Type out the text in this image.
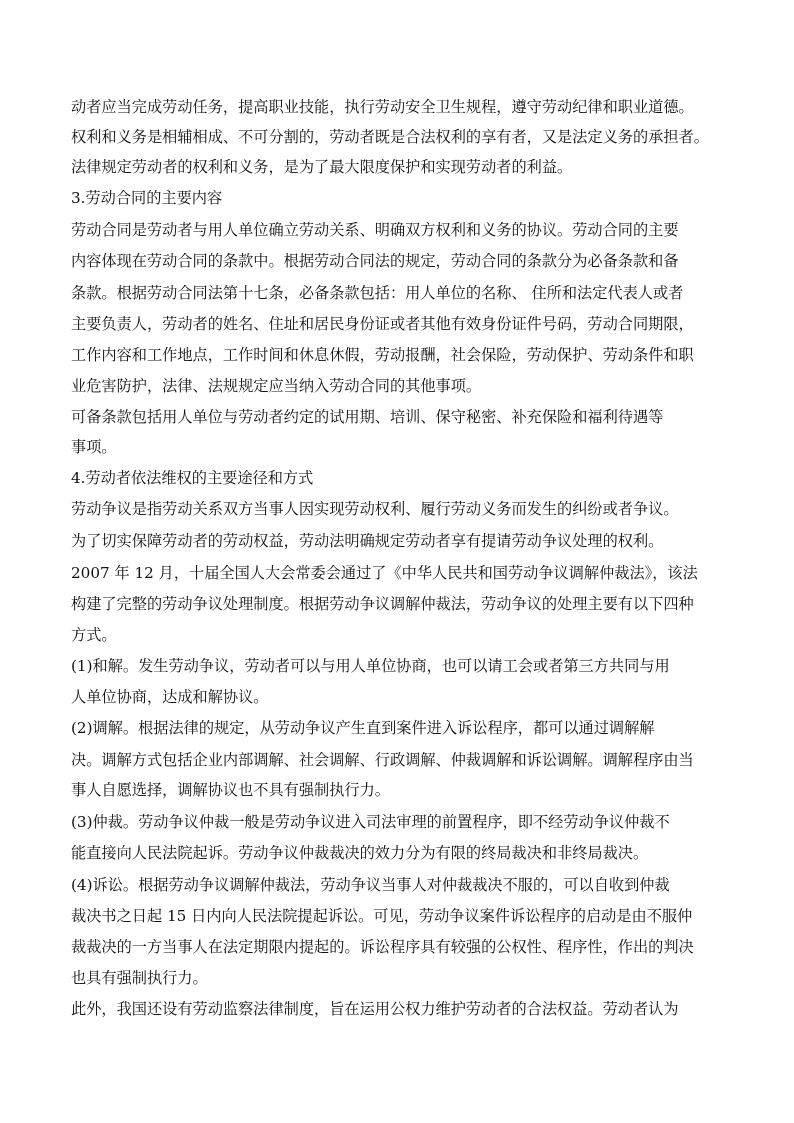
动者应当完成劳动任务，提高职业技能，执行劳动安全卫生规程，遵守劳动纪律和职业道德。
权利和义务是相辅相成、不可分割的，劳动者既是合法权利的享有者，又是法定义务的承担者。
法律规定劳动者的权利和义务，是为了最大限度保护和实现劳动者的利益。
3.劳动合同的主要内容
劳动合同是劳动者与用人单位确立劳动关系、明确双方权利和义务的协议。劳动合同的主要
内容体现在劳动合同的条款中。根据劳动合同法的规定，劳动合同的条款分为必备条款和备
条款。根据劳动合同法第十七条，必备条款包括：用人单位的名称、 住所和法定代表人或者
主要负责人，劳动者的姓名、住址和居民身份证或者其他有效身份证件号码，劳动合同期限，
工作内容和工作地点，工作时间和休息休假，劳动报酬，社会保险，劳动保护、劳动条件和职
业危害防护，法律、法规规定应当纳入劳动合同的其他事项。
可备条款包括用人单位与劳动者约定的试用期、培训、保守秘密、补充保险和福利待遇等
事项。
4.劳动者依法维权的主要途径和方式
劳动争议是指劳动关系双方当事人因实现劳动权利、履行劳动义务而发生的纠纷或者争议。
为了切实保障劳动者的劳动权益，劳动法明确规定劳动者享有提请劳动争议处理的权利。
2007 年 12 月，十届全国人大会常委会通过了《中华人民共和国劳动争议调解仲裁法》，该法
构建了完整的劳动争议处理制度。根据劳动争议调解仲裁法，劳动争议的处理主要有以下四种
方式。
(1)和解。发生劳动争议，劳动者可以与用人单位协商，也可以请工会或者第三方共同与用
人单位协商，达成和解协议。
(2)调解。根据法律的规定，从劳动争议产生直到案件进入诉讼程序，都可以通过调解解
决。调解方式包括企业内部调解、社会调解、行政调解、仲裁调解和诉讼调解。调解程序由当
事人自愿选择，调解协议也不具有强制执行力。
(3)仲裁。劳动争议仲裁一般是劳动争议进入司法审理的前置程序，即不经劳动争议仲裁不
能直接向人民法院起诉。劳动争议仲裁裁决的效力分为有限的终局裁决和非终局裁决。
(4)诉讼。根据劳动争议调解仲裁法，劳动争议当事人对仲裁裁决不服的，可以自收到仲裁
裁决书之日起 15 日内向人民法院提起诉讼。可见，劳动争议案件诉讼程序的启动是由不服仲
裁裁决的一方当事人在法定期限内提起的。诉讼程序具有较强的公权性、程序性，作出的判决
也具有强制执行力。
此外，我国还设有劳动监察法律制度，旨在运用公权力维护劳动者的合法权益。劳动者认为
